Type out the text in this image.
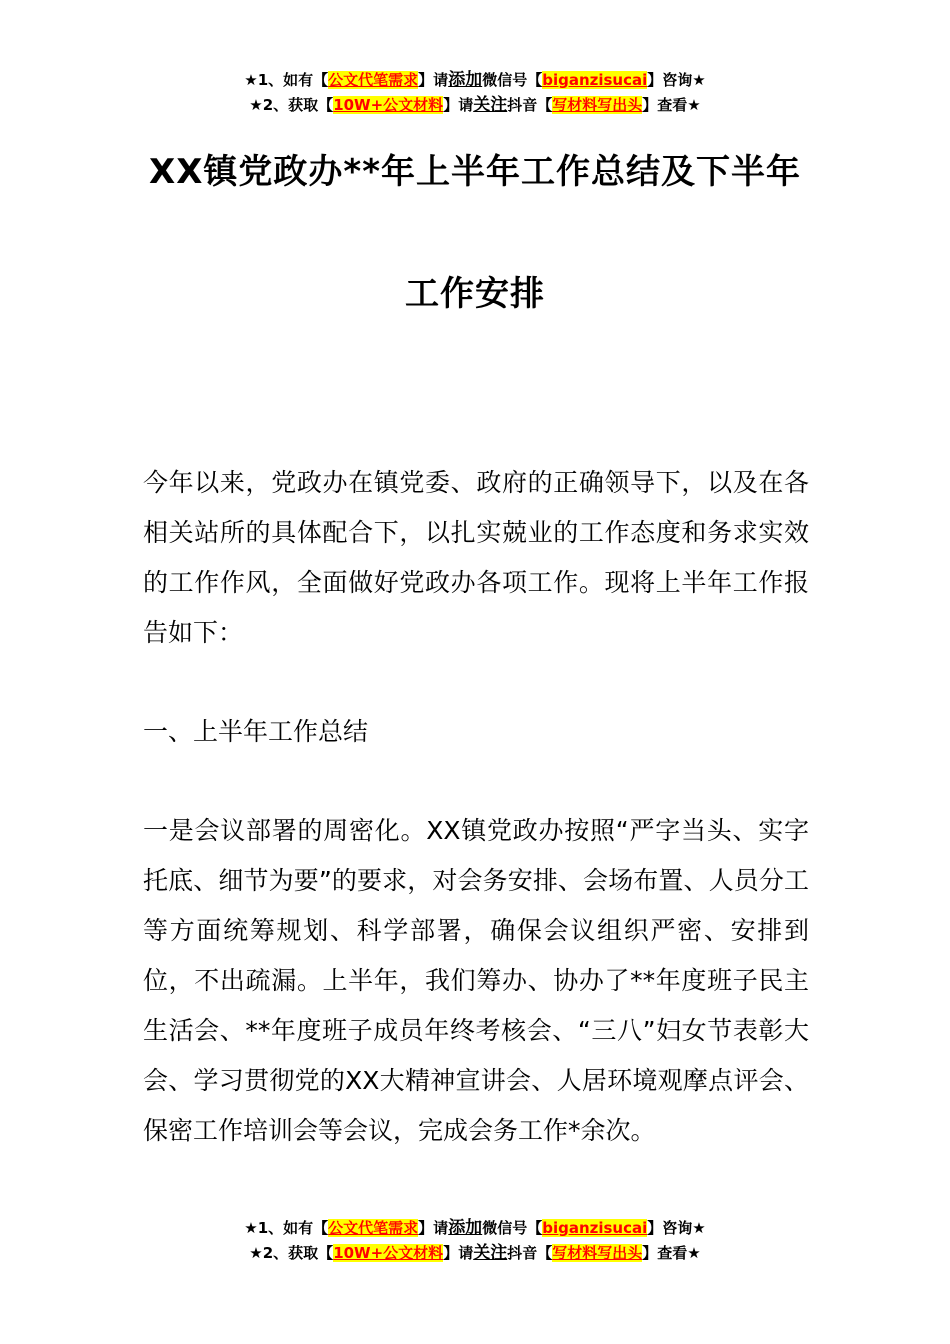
★1、如有【公文代笔需求】请添加微信号【biganzisucai】咨询★
★2、获取【10W+公文材料】请关注抖音【写材料写出头】查看★
XX镇党政办**年上半年工作总结及下半年
工作安排

今年以来，党政办在镇党委、政府的正确领导下，以及在各相关站所的具体配合下，以扎实兢业的工作态度和务求实效的工作作风，全面做好党政办各项工作。现将上半年工作报告如下：

一、上半年工作总结

一是会议部署的周密化。XX镇党政办按照“严字当头、实字托底、细节为要”的要求，对会务安排、会场布置、人员分工等方面统筹规划、科学部署，确保会议组织严密、安排到位，不出疏漏。上半年，我们筹办、协办了**年度班子民主生活会、**年度班子成员年终考核会、“三八”妇女节表彰大会、学习贯彻党的XX大精神宣讲会、人居环境观摩点评会、保密工作培训会等会议，完成会务工作*余次。

★1、如有【公文代笔需求】请添加微信号【biganzisucai】咨询★
★2、获取【10W+公文材料】请关注抖音【写材料写出头】查看★
